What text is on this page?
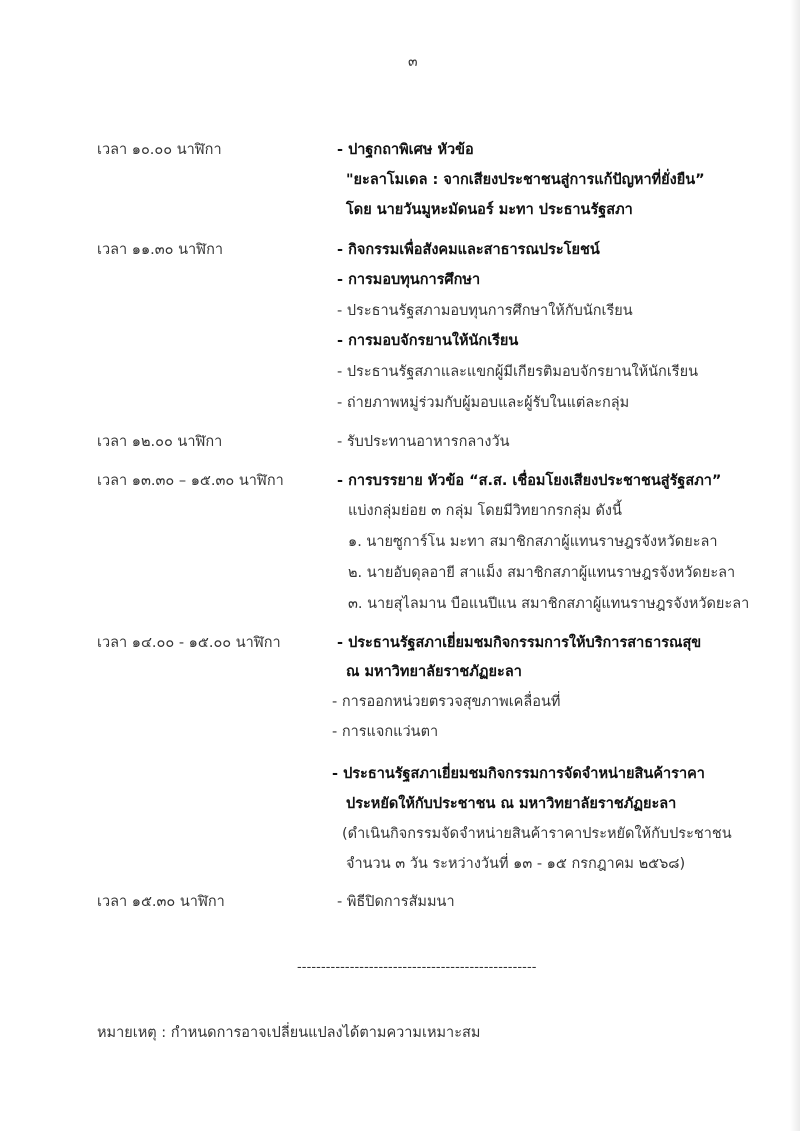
๓
เวลา ๑๐.๐๐ นาฬิกา	- ปาฐกถาพิเศษ หัวข้อ
"ยะลาโมเดล : จากเสียงประชาชนสู่การแก้ปัญหาที่ยั่งยืน”
โดย นายวันมูหะมัดนอร์ มะทา ประธานรัฐสภา
เวลา ๑๑.๓๐ นาฬิกา	- กิจกรรมเพื่อสังคมและสาธารณประโยชน์
- การมอบทุนการศึกษา
- ประธานรัฐสภามอบทุนการศึกษาให้กับนักเรียน
- การมอบจักรยานให้นักเรียน
- ประธานรัฐสภาและแขกผู้มีเกียรติมอบจักรยานให้นักเรียน
- ถ่ายภาพหมู่ร่วมกับผู้มอบและผู้รับในแต่ละกลุ่ม
เวลา ๑๒.๐๐ นาฬิกา	- รับประทานอาหารกลางวัน
เวลา ๑๓.๓๐ – ๑๕.๓๐ นาฬิกา	- การบรรยาย หัวข้อ “ส.ส. เชื่อมโยงเสียงประชาชนสู่รัฐสภา”
แบ่งกลุ่มย่อย ๓ กลุ่ม โดยมีวิทยากรกลุ่ม ดังนี้
๑. นายซูการ์โน มะทา สมาชิกสภาผู้แทนราษฎรจังหวัดยะลา
๒. นายอับดุลอายี สาแม็ง สมาชิกสภาผู้แทนราษฎรจังหวัดยะลา
๓. นายสุไลมาน บือแนปีแน สมาชิกสภาผู้แทนราษฎรจังหวัดยะลา
เวลา ๑๔.๐๐ - ๑๕.๐๐ นาฬิกา	- ประธานรัฐสภาเยี่ยมชมกิจกรรมการให้บริการสาธารณสุข
ณ มหาวิทยาลัยราชภัฏยะลา
- การออกหน่วยตรวจสุขภาพเคลื่อนที่
- การแจกแว่นตา
- ประธานรัฐสภาเยี่ยมชมกิจกรรมการจัดจำหน่ายสินค้าราคา
ประหยัดให้กับประชาชน ณ มหาวิทยาลัยราชภัฏยะลา
(ดำเนินกิจกรรมจัดจำหน่ายสินค้าราคาประหยัดให้กับประชาชน
จำนวน ๓ วัน ระหว่างวันที่ ๑๓ - ๑๕ กรกฎาคม ๒๕๖๘)
เวลา ๑๕.๓๐ นาฬิกา	- พิธีปิดการสัมมนา
--------------------------------------------------
หมายเหตุ : กำหนดการอาจเปลี่ยนแปลงได้ตามความเหมาะสม
